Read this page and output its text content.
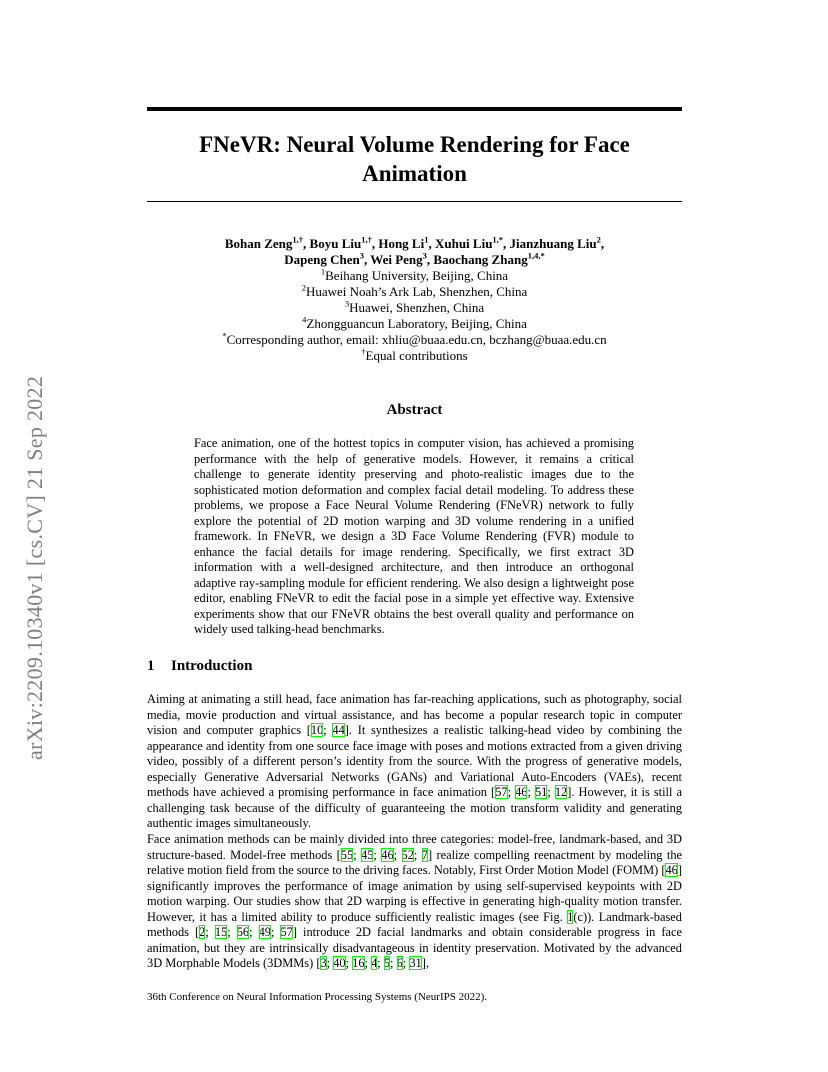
arXiv:2209.10340v1 [cs.CV] 21 Sep 2022
FNeVR: Neural Volume Rendering for Face Animation
Bohan Zeng$^{1,\dagger}$, Boyu Liu$^{1,\dagger}$, Hong Li$^1$, Xuhui Liu$^{1,*}$, Jianzhuang Liu$^2$,
Dapeng Chen$^3$, Wei Peng$^3$, Baochang Zhang$^{1,4,*}$
$^1$Beihang University, Beijing, China
$^2$Huawei Noah’s Ark Lab, Shenzhen, China
$^3$Huawei, Shenzhen, China
$^4$Zhongguancun Laboratory, Beijing, China
*Corresponding author, email: xhliu@buaa.edu.cn, bczhang@buaa.edu.cn
†Equal contributions
Abstract
Face animation, one of the hottest topics in computer vision, has achieved a promising performance with the help of generative models. However, it remains a critical challenge to generate identity preserving and photo-realistic images due to the sophisticated motion deformation and complex facial detail modeling. To address these problems, we propose a Face Neural Volume Rendering (FNeVR) network to fully explore the potential of 2D motion warping and 3D volume rendering in a unified framework. In FNeVR, we design a 3D Face Volume Rendering (FVR) module to enhance the facial details for image rendering. Specifically, we first extract 3D information with a well-designed architecture, and then introduce an orthogonal adaptive ray-sampling module for efficient rendering. We also design a lightweight pose editor, enabling FNeVR to edit the facial pose in a simple yet effective way. Extensive experiments show that our FNeVR obtains the best overall quality and performance on widely used talking-head benchmarks.
1 Introduction
Aiming at animating a still head, face animation has far-reaching applications, such as photography, social media, movie production and virtual assistance, and has become a popular research topic in computer vision and computer graphics [10; 44]. It synthesizes a realistic talking-head video by combining the appearance and identity from one source face image with poses and motions extracted from a given driving video, possibly of a different person’s identity from the source. With the progress of generative models, especially Generative Adversarial Networks (GANs) and Variational Auto-Encoders (VAEs), recent methods have achieved a promising performance in face animation [57; 46; 51; 12]. However, it is still a challenging task because of the difficulty of guaranteeing the motion transform validity and generating authentic images simultaneously.
Face animation methods can be mainly divided into three categories: model-free, landmark-based, and 3D structure-based. Model-free methods [55; 45; 46; 52; 7] realize compelling reenactment by modeling the relative motion field from the source to the driving faces. Notably, First Order Motion Model (FOMM) [46] significantly improves the performance of image animation by using self-supervised keypoints with 2D motion warping. Our studies show that 2D warping is effective in generating high-quality motion transfer. However, it has a limited ability to produce sufficiently realistic images (see Fig. 1(c)). Landmark-based methods [2; 15; 56; 49; 57] introduce 2D facial landmarks and obtain considerable progress in face animation, but they are intrinsically disadvantageous in identity preservation. Motivated by the advanced 3D Morphable Models (3DMMs) [3; 40; 16; 4; 5; 6; 31],
36th Conference on Neural Information Processing Systems (NeurIPS 2022).
